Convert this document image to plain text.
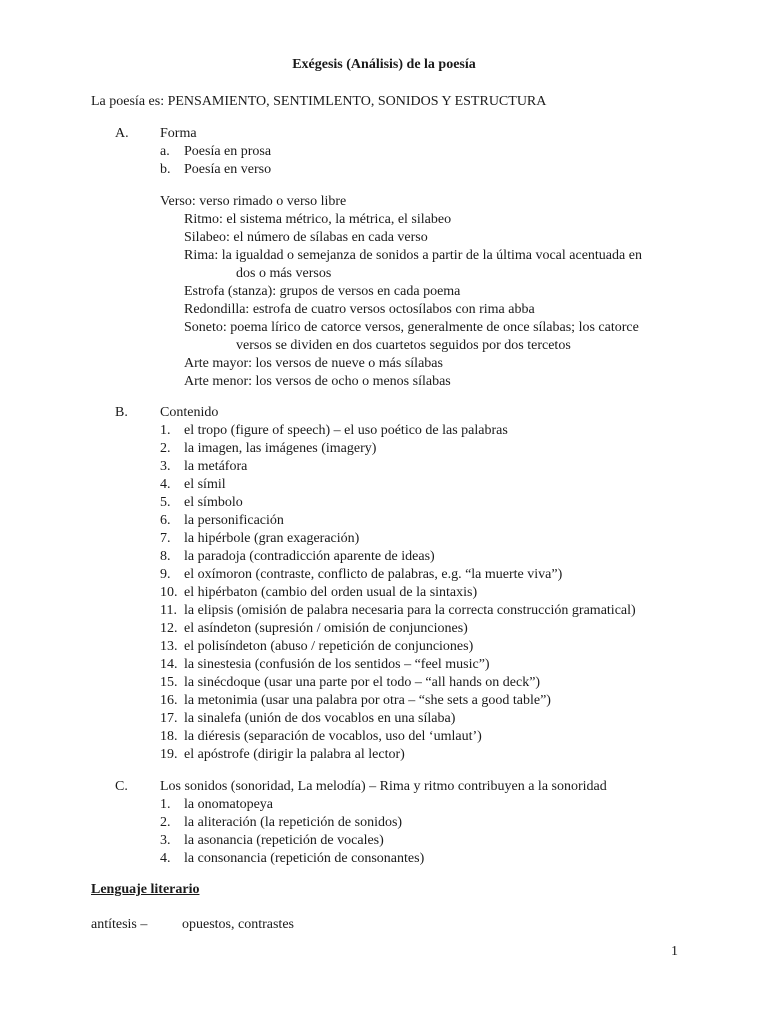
Exégesis (Análisis) de la poesía
La poesía es: PENSAMIENTO, SENTIMLENTO, SONIDOS Y ESTRUCTURA
A. Forma
a. Poesía en prosa
b. Poesía en verso
Verso: verso rimado o verso libre
Ritmo: el sistema métrico, la métrica, el silabeo
Silabeo: el número de sílabas en cada verso
Rima: la igualdad o semejanza de sonidos a partir de la última vocal acentuada en
dos o más versos
Estrofa (stanza): grupos de versos en cada poema
Redondilla: estrofa de cuatro versos octosílabos con rima abba
Soneto: poema lírico de catorce versos, generalmente de once sílabas; los catorce
versos se dividen en dos cuartetos seguidos por dos tercetos
Arte mayor: los versos de nueve o más sílabas
Arte menor: los versos de ocho o menos sílabas
B. Contenido
1. el tropo (figure of speech) – el uso poético de las palabras
2. la imagen, las imágenes (imagery)
3. la metáfora
4. el símil
5. el símbolo
6. la personificación
7. la hipérbole (gran exageración)
8. la paradoja (contradicción aparente de ideas)
9. el oxímoron (contraste, conflicto de palabras, e.g. “la muerte viva”)
10. el hipérbaton (cambio del orden usual de la sintaxis)
11. la elipsis (omisión de palabra necesaria para la correcta construcción gramatical)
12. el asíndeton (supresión / omisión de conjunciones)
13. el polisíndeton (abuso / repetición de conjunciones)
14. la sinestesia (confusión de los sentidos – “feel music”)
15. la sinécdoque (usar una parte por el todo – “all hands on deck”)
16. la metonimia (usar una palabra por otra – “she sets a good table”)
17. la sinalefa (unión de dos vocablos en una sílaba)
18. la diéresis (separación de vocablos, uso del ‘umlaut’)
19. el apóstrofe (dirigir la palabra al lector)
C. Los sonidos (sonoridad, La melodía) – Rima y ritmo contribuyen a la sonoridad
1. la onomatopeya
2. la aliteración (la repetición de sonidos)
3. la asonancia (repetición de vocales)
4. la consonancia (repetición de consonantes)
Lenguaje literario
antítesis – opuestos, contrastes
1
